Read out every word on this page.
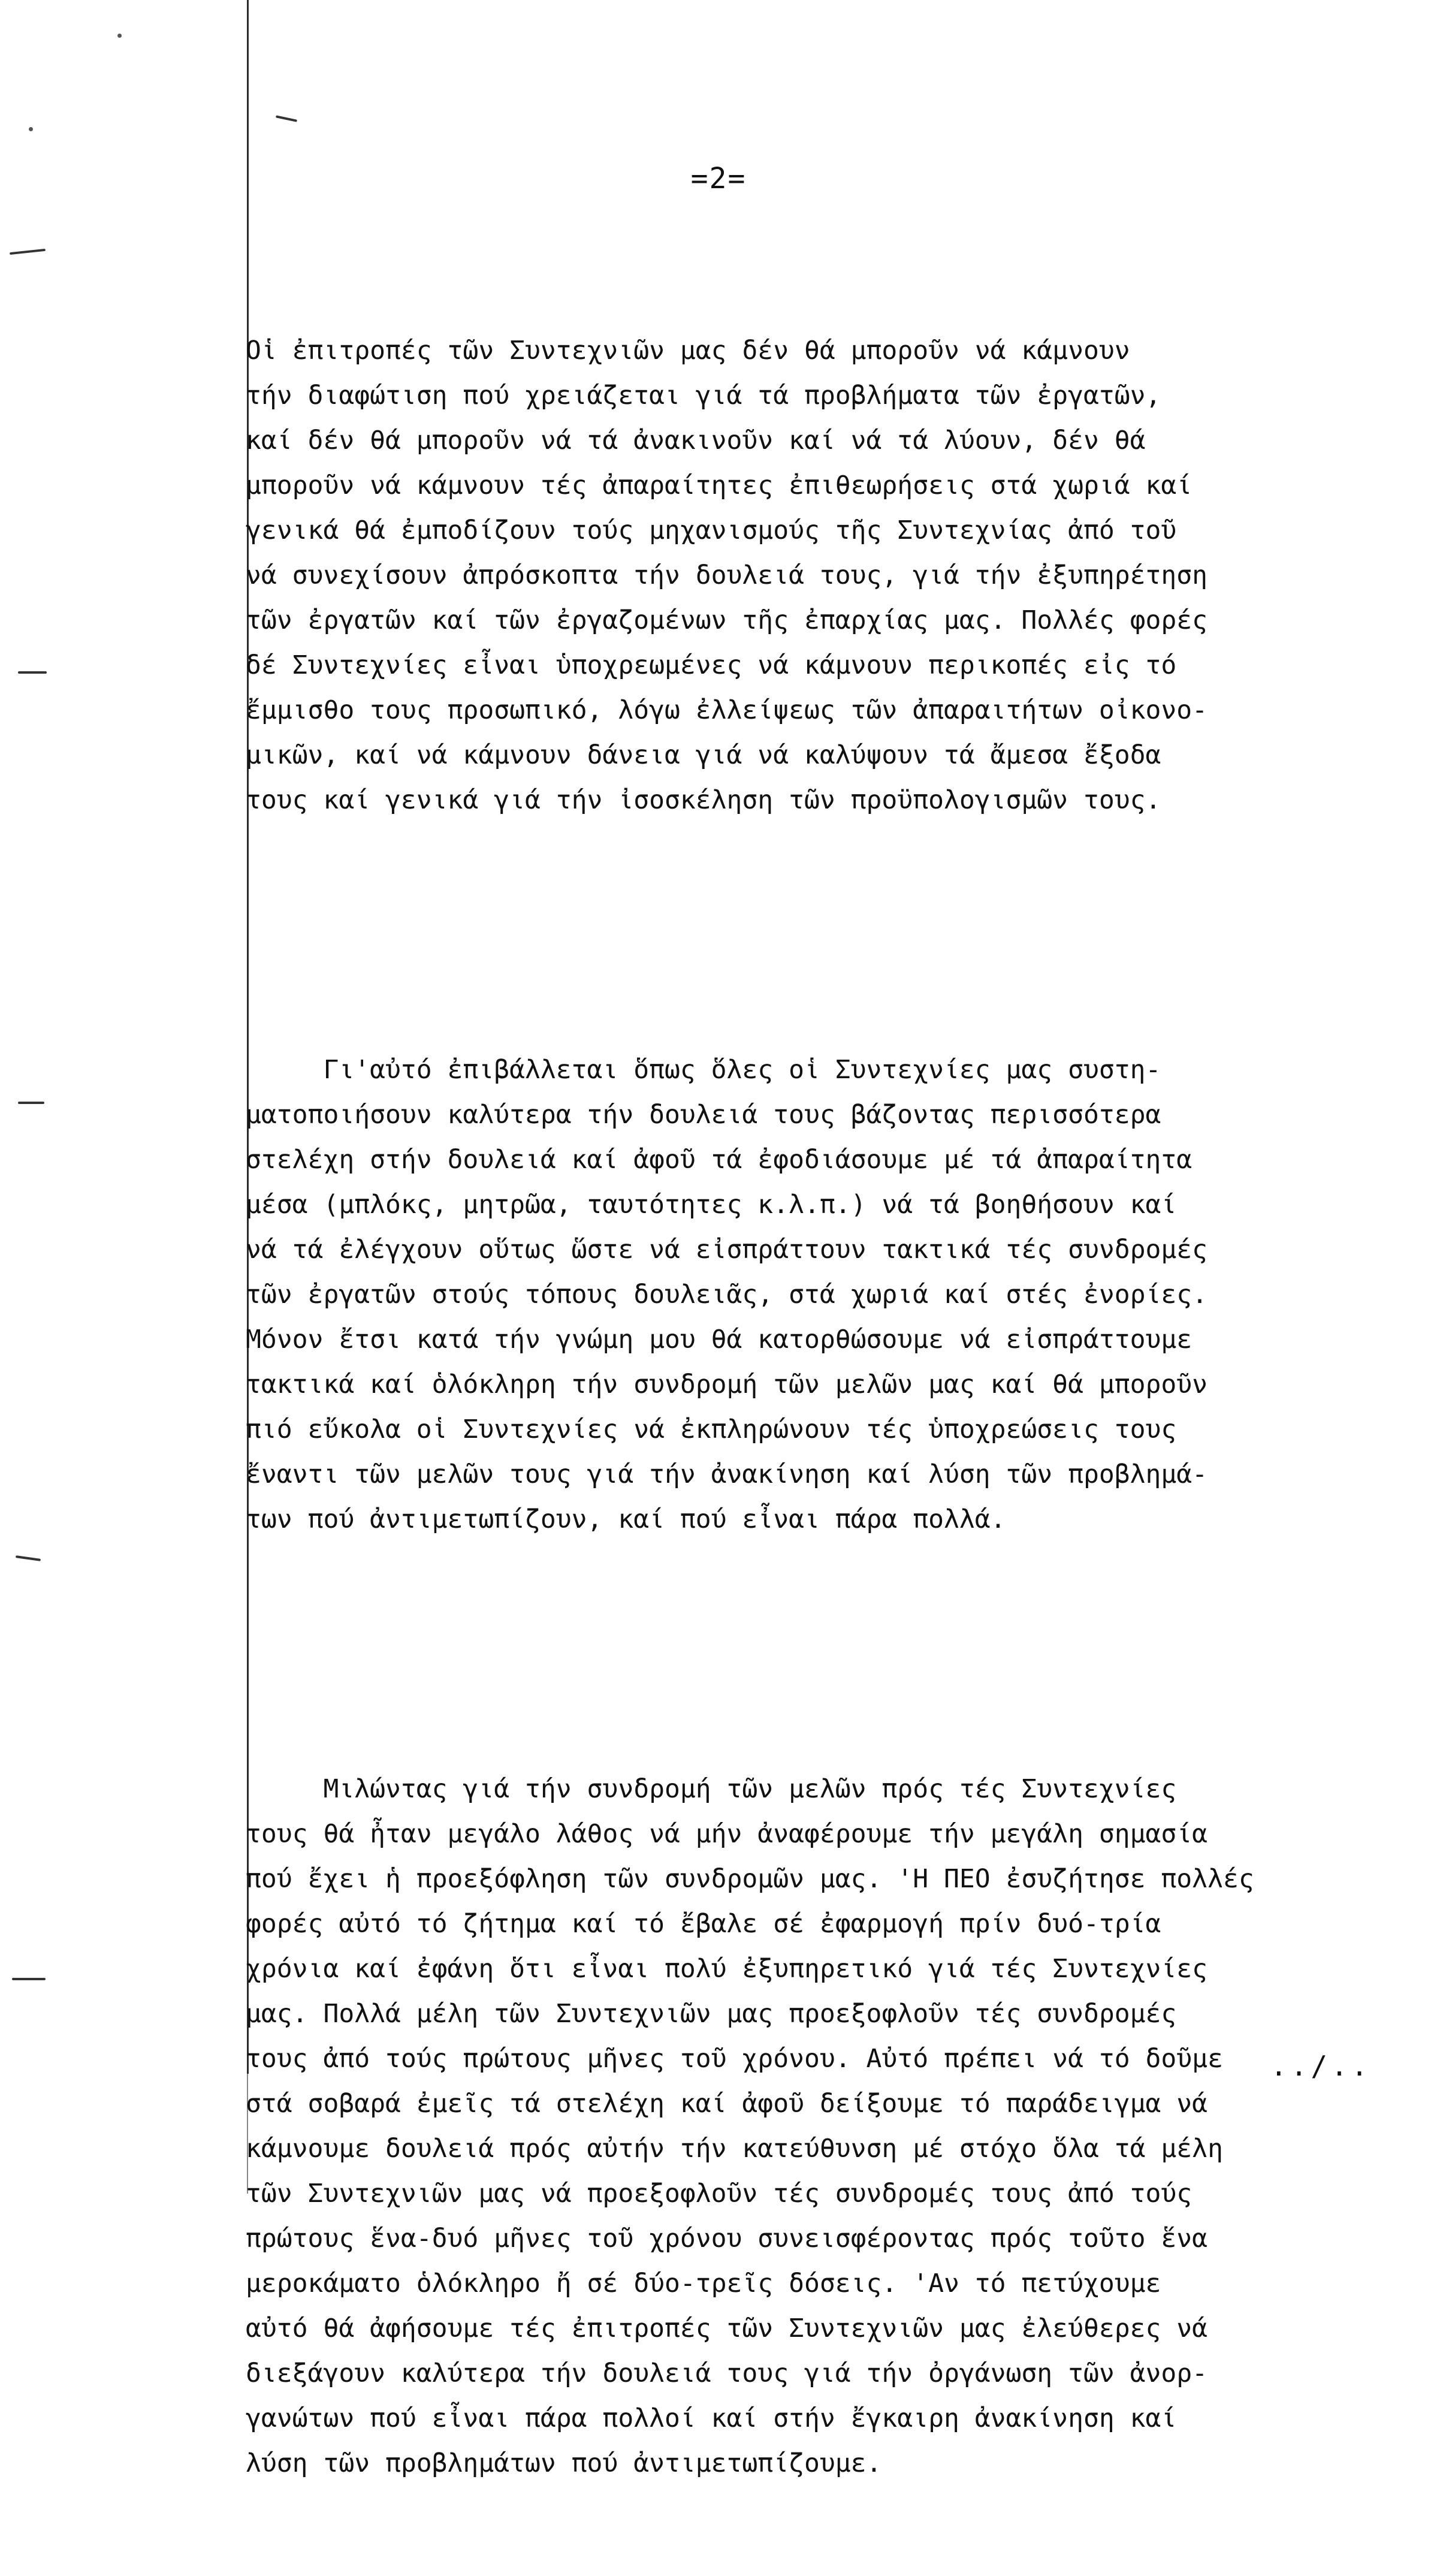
=2=

Οἱ ἐπιτροπές τῶν Συντεχνιῶν μας δέν θά μποροῦν νά κάμνουν
τήν διαφώτιση πού χρειάζεται γιά τά προβλήματα τῶν ἐργατῶν,
καί δέν θά μποροῦν νά τά ἀνακινοῦν καί νά τά λύουν, δέν θά
μποροῦν νά κάμνουν τές ἀπαραίτητες ἐπιθεωρήσεις στά χωριά καί
γενικά θά ἐμποδίζουν τούς μηχανισμούς τῆς Συντεχνίας ἀπό τοῦ
νά συνεχίσουν ἀπρόσκοπτα τήν δουλειά τους, γιά τήν ἐξυπηρέτηση
τῶν ἐργατῶν καί τῶν ἐργαζομένων τῆς ἐπαρχίας μας. Πολλές φορές
δέ Συντεχνίες εἶναι ὑποχρεωμένες νά κάμνουν περικοπές εἰς τό
ἔμμισθο τους προσωπικό, λόγω ἐλλείψεως τῶν ἀπαραιτήτων οἰκονο-
μικῶν, καί νά κάμνουν δάνεια γιά νά καλύψουν τά ἄμεσα ἔξοδα
τους καί γενικά γιά τήν ἰσοσκέληση τῶν προϋπολογισμῶν τους.

Γι'αὐτό ἐπιβάλλεται ὅπως ὅλες οἱ Συντεχνίες μας συστη-
ματοποιήσουν καλύτερα τήν δουλειά τους βάζοντας περισσότερα
στελέχη στήν δουλειά καί ἀφοῦ τά ἐφοδιάσουμε μέ τά ἀπαραίτητα
μέσα (μπλόκς, μητρῶα, ταυτότητες κ.λ.π.) νά τά βοηθήσουν καί
νά τά ἐλέγχουν οὕτως ὥστε νά εἰσπράττουν τακτικά τές συνδρομές
τῶν ἐργατῶν στούς τόπους δουλειᾶς, στά χωριά καί στές ἐνορίες.
Μόνον ἔτσι κατά τήν γνώμη μου θά κατορθώσουμε νά εἰσπράττουμε
τακτικά καί ὁλόκληρη τήν συνδρομή τῶν μελῶν μας καί θά μποροῦν
πιό εὔκολα οἱ Συντεχνίες νά ἐκπληρώνουν τές ὑποχρεώσεις τους
ἔναντι τῶν μελῶν τους γιά τήν ἀνακίνηση καί λύση τῶν προβλημά-
των πού ἀντιμετωπίζουν, καί πού εἶναι πάρα πολλά.

Μιλώντας γιά τήν συνδρομή τῶν μελῶν πρός τές Συντεχνίες
τους θά ἦταν μεγάλο λάθος νά μήν ἀναφέρουμε τήν μεγάλη σημασία
πού ἔχει ἡ προεξόφληση τῶν συνδρομῶν μας. 'Η ΠΕΟ ἐσυζήτησε πολλές
φορές αὐτό τό ζήτημα καί τό ἔβαλε σέ ἐφαρμογή πρίν δυό-τρία
χρόνια καί ἐφάνη ὅτι εἶναι πολύ ἐξυπηρετικό γιά τές Συντεχνίες
μας. Πολλά μέλη τῶν Συντεχνιῶν μας προεξοφλοῦν τές συνδρομές
τους ἀπό τούς πρώτους μῆνες τοῦ χρόνου. Αὐτό πρέπει νά τό δοῦμε
στά σοβαρά ἐμεῖς τά στελέχη καί ἀφοῦ δείξουμε τό παράδειγμα νά
κάμνουμε δουλειά πρός αὐτήν τήν κατεύθυνση μέ στόχο ὅλα τά μέλη
τῶν Συντεχνιῶν μας νά προεξοφλοῦν τές συνδρομές τους ἀπό τούς
πρώτους ἕνα-δυό μῆνες τοῦ χρόνου συνεισφέροντας πρός τοῦτο ἕνα
μεροκάματο ὁλόκληρο ἤ σέ δύο-τρεῖς δόσεις. 'Αν τό πετύχουμε
αὐτό θά ἀφήσουμε τές ἐπιτροπές τῶν Συντεχνιῶν μας ἐλεύθερες νά
διεξάγουν καλύτερα τήν δουλειά τους γιά τήν ὀργάνωση τῶν ἀνορ-
γανώτων πού εἶναι πάρα πολλοί καί στήν ἔγκαιρη ἀνακίνηση καί
λύση τῶν προβλημάτων πού ἀντιμετωπίζουμε.

../..
